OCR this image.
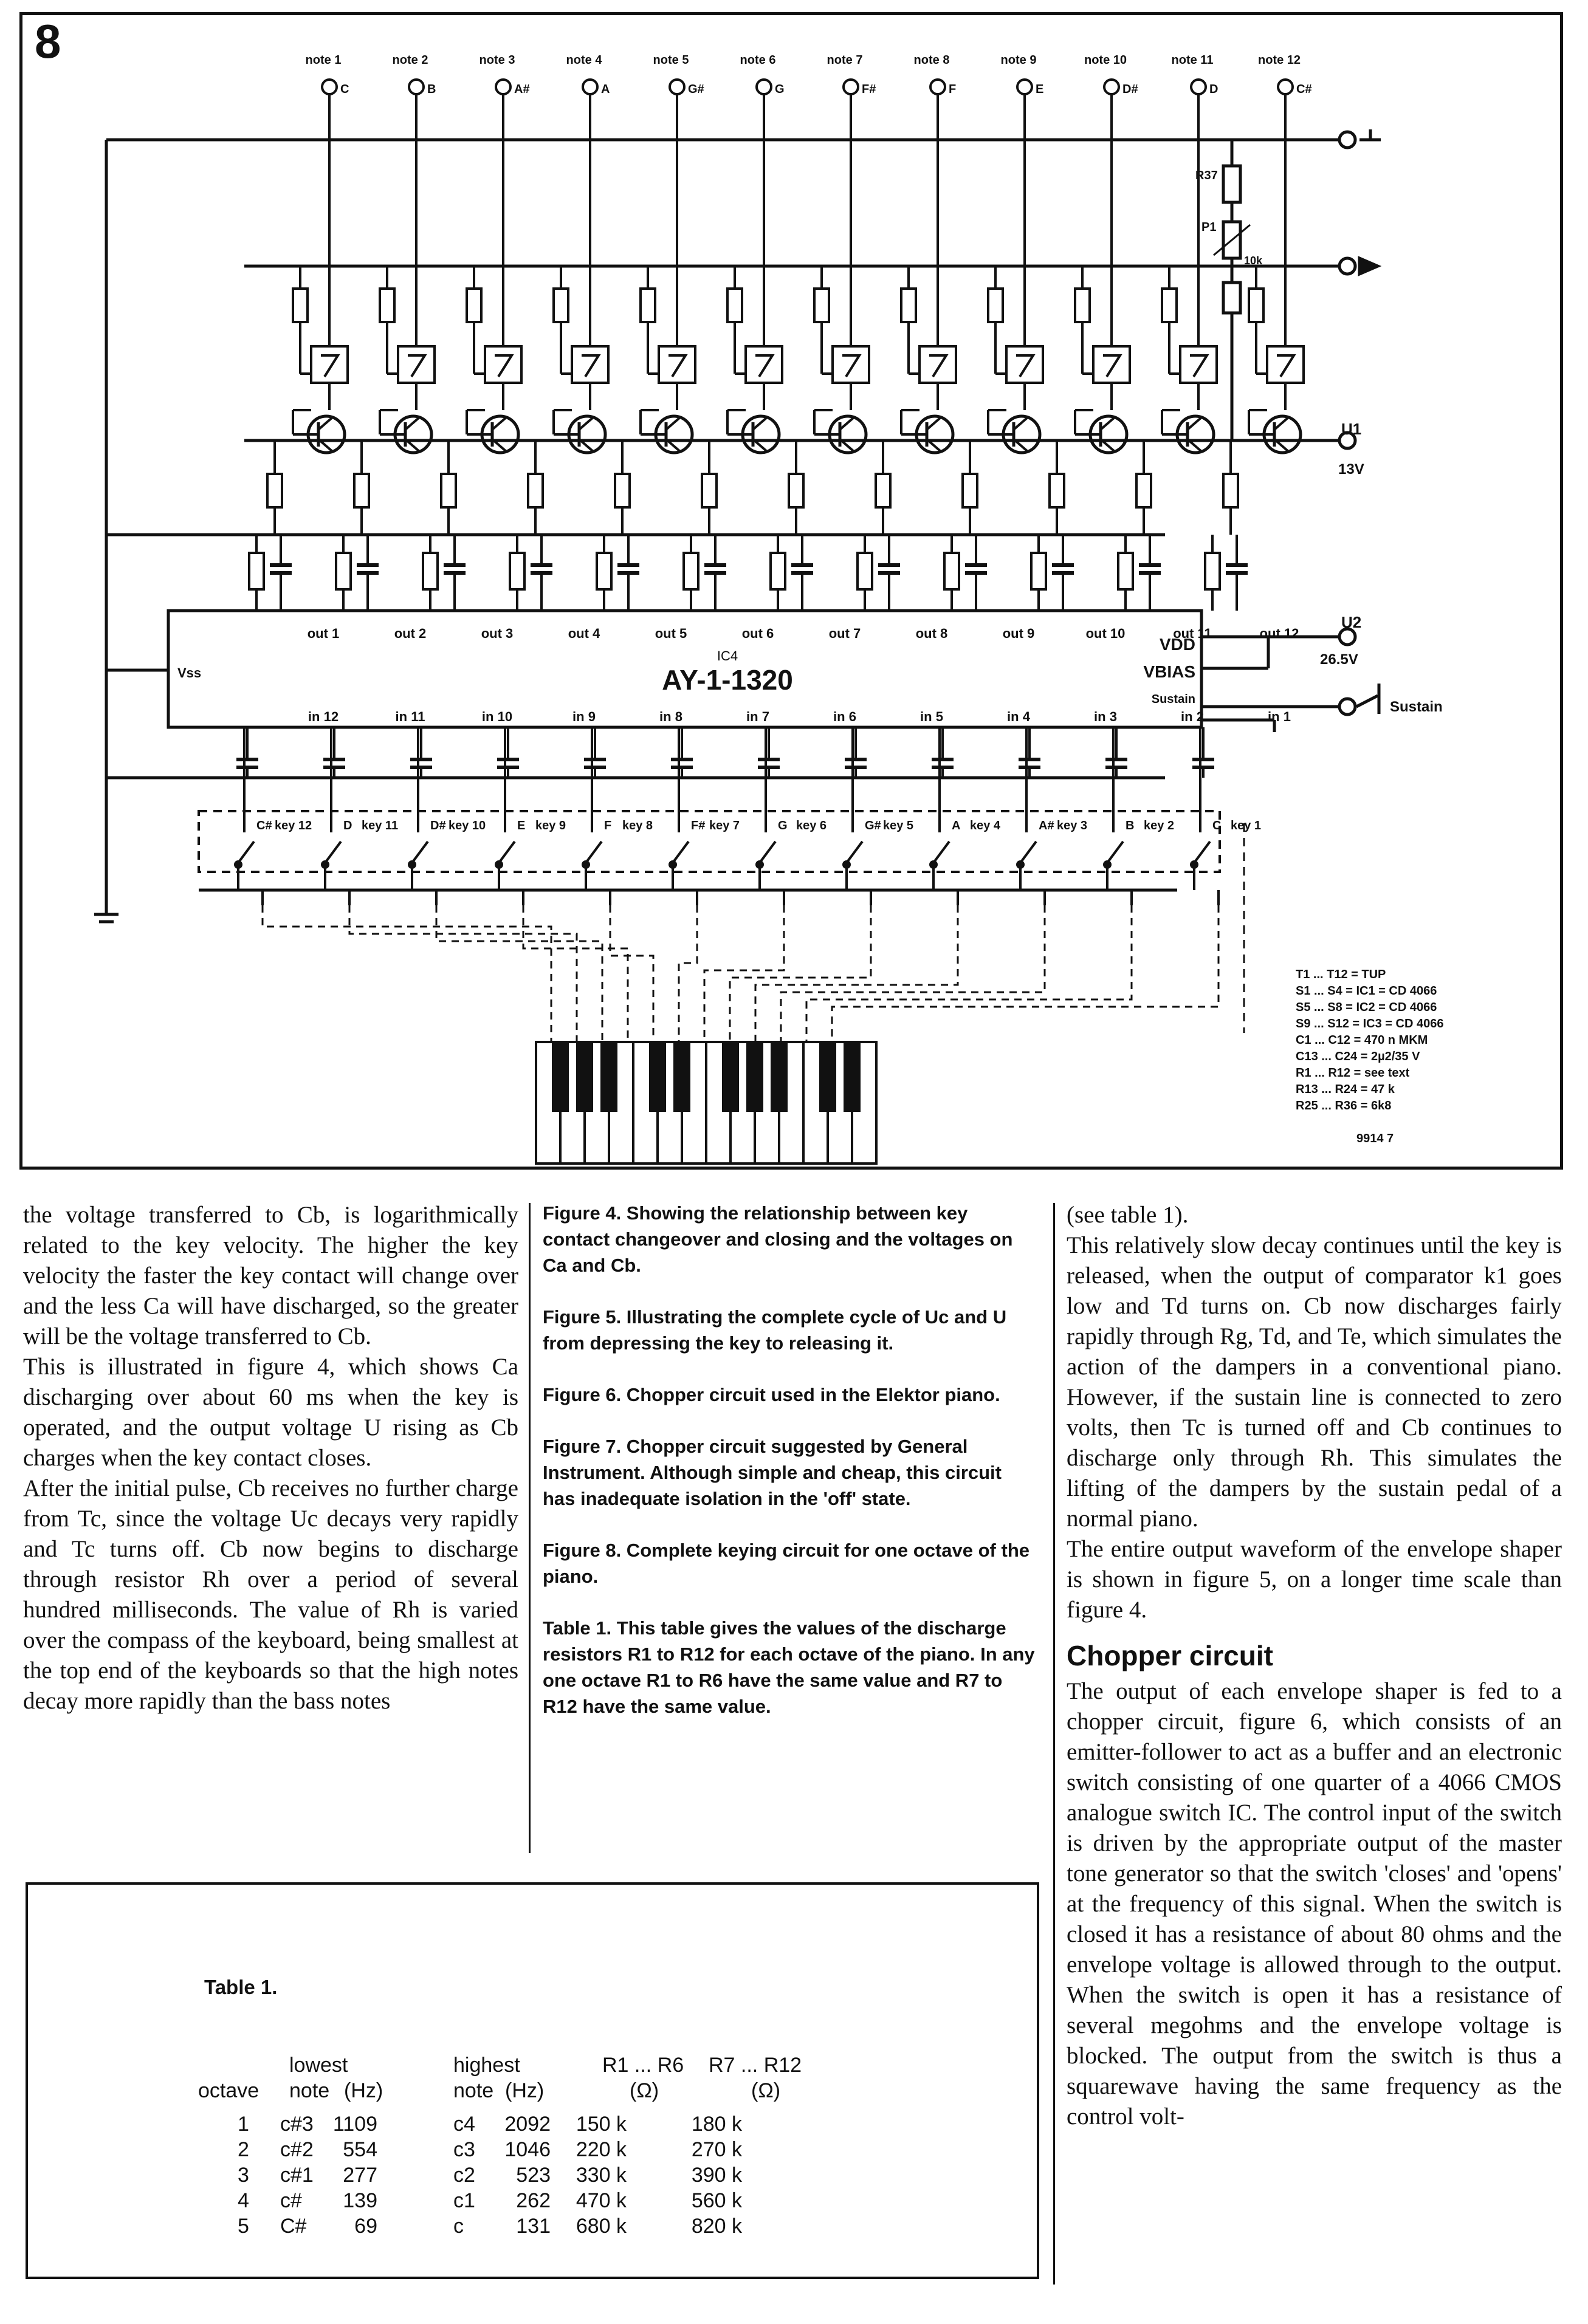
8	note 1
C
out 1
in 12
C# key 12
note 2
B
out 2
in 11
D key 11
note 3
A#
out 3
in 10
D# key 10
note 4
A
out 4
in 9
E key 9
note 5
G#
out 5
in 8
F key 8
note 6
G
out 6
in 7
F# key 7
note 7
F#
out 7
in 6
G key 6
note 8
F
out 8
in 5
G# key 5
note 9
E
out 9
in 4
A key 4
note 10
D#
out 10
in 3
A# key 3
note 11
D
out 11
in 2
B key 2
note 12
C#
out 12
in 1
C key 1
IC4
AY-1-1320
VDD
VBIAS
Sustain
Vss
U1
13V
U2
26.5V
Sustain
R37
P1
10k
T1 ... T12 = TUP
S1 ... S4 = IC1 = CD 4066
S5 ... S8 = IC2 = CD 4066
S9 ... S12 = IC3 = CD 4066
C1 ... C12 = 470 n MKM
C13 ... C24 = 2µ2/35 V
R1 ... R12 = see text
R13 ... R24 = 47 k
R25 ... R36 = 6k8
9914 7

the voltage transferred to Cb, is logarithmically related to the key velocity. The higher the key velocity the faster the key contact will change over and the less Ca will have discharged, so the greater will be the voltage transferred to Cb.

This is illustrated in figure 4, which shows Ca discharging over about 60 ms when the key is operated, and the output voltage U rising as Cb charges when the key contact closes.

After the initial pulse, Cb receives no further charge from Tc, since the voltage Uc decays very rapidly and Tc turns off. Cb now begins to discharge through resistor Rh over a period of several hundred milliseconds. The value of Rh is varied over the compass of the keyboard, being smallest at the top end of the keyboards so that the high notes decay more rapidly than the bass notes

Figure 4. Showing the relationship between key contact changeover and closing and the voltages on Ca and Cb.

Figure 5. Illustrating the complete cycle of Uc and U from depressing the key to releasing it.

Figure 6. Chopper circuit used in the Elektor piano.

Figure 7. Chopper circuit suggested by General Instrument. Although simple and cheap, this circuit has inadequate isolation in the 'off' state.

Figure 8. Complete keying circuit for one octave of the piano.

Table 1. This table gives the values of the discharge resistors R1 to R12 for each octave of the piano. In any one octave R1 to R6 have the same value and R7 to R12 have the same value.

(see table 1).

This relatively slow decay continues until the key is released, when the output of comparator k1 goes low and Td turns on. Cb now discharges fairly rapidly through Rg, Td, and Te, which simulates the action of the dampers in a conventional piano. However, if the sustain line is connected to zero volts, then Tc is turned off and Cb continues to discharge only through Rh. This simulates the lifting of the dampers by the sustain pedal of a normal piano.

The entire output waveform of the envelope shaper is shown in figure 5, on a longer time scale than figure 4.

Chopper circuit

The output of each envelope shaper is fed to a chopper circuit, figure 6, which consists of an emitter-follower to act as a buffer and an electronic switch consisting of one quarter of a 4066 CMOS analogue switch IC. The control input of the switch is driven by the appropriate output of the master tone generator so that the switch 'closes' and 'opens' at the frequency of this signal. When the switch is closed it has a resistance of about 80 ohms and the envelope voltage is allowed through to the output. When the switch is open it has a resistance of several megohms and the envelope voltage is blocked. The output from the switch is thus a squarewave having the same frequency as the control volt-

Table 1.
lowest	highest	R1 ... R6 R7 ... R12
octave note (Hz)	note (Hz)	(Ω)	(Ω)
1 c#3 1109	c4 2092 150 k	180 k
2 c#2 554	c3 1046 220 k	270 k
3 c#1 277	c2 523 330 k	390 k
4 c# 139	c1 262 470 k	560 k
5 C# 69	c	131 680 k	820 k
